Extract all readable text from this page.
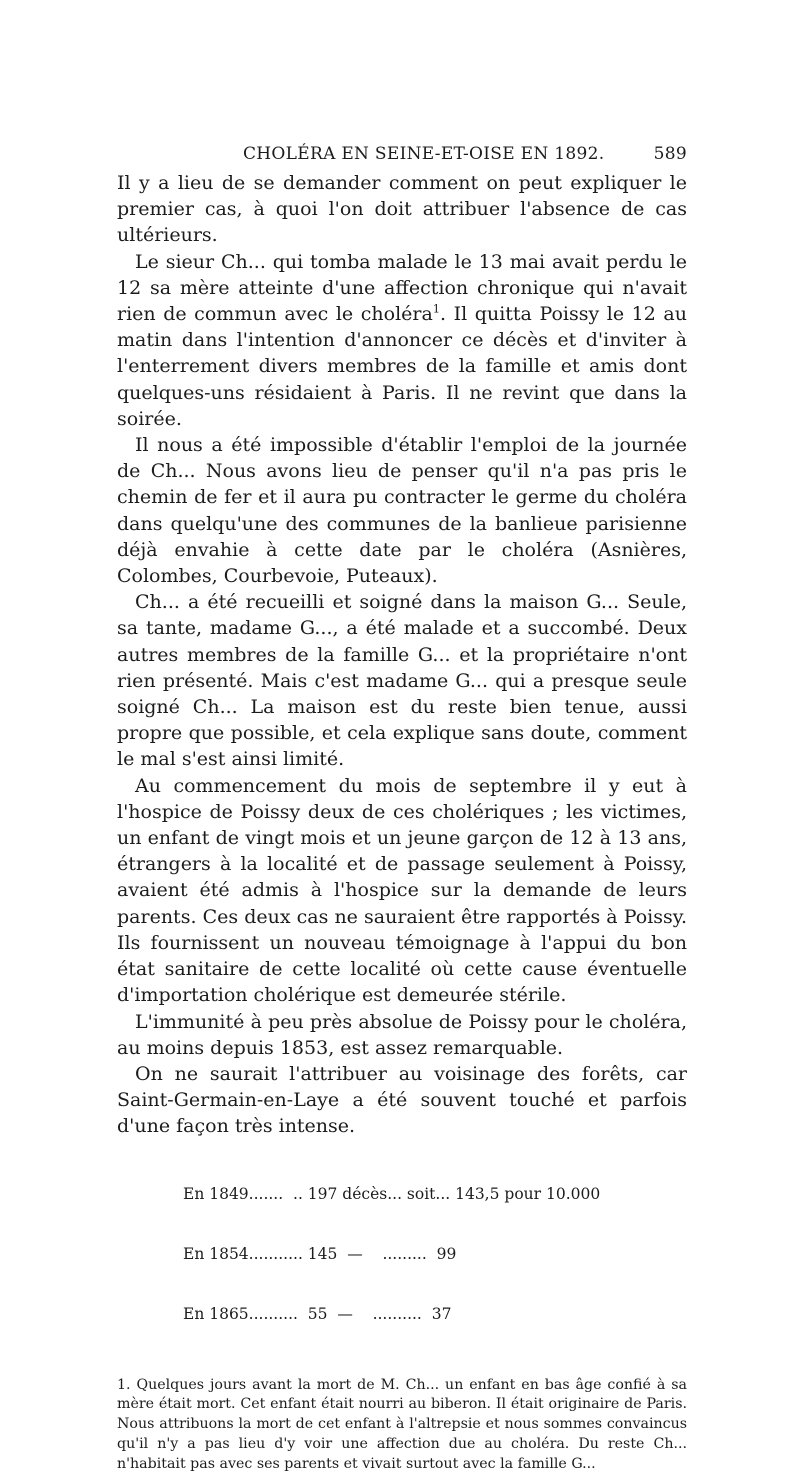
CHOLÉRA EN SEINE-ET-OISE EN 1892.	589

Il y a lieu de se demander comment on peut expliquer le premier cas, à quoi l'on doit attribuer l'absence de cas ultérieurs.

Le sieur Ch... qui tomba malade le 13 mai avait perdu le 12 sa mère atteinte d'une affection chronique qui n'avait rien de commun avec le choléra$^1$. Il quitta Poissy le 12 au matin dans l'intention d'annoncer ce décès et d'inviter à l'enterrement divers membres de la famille et amis dont quelques-uns résidaient à Paris. Il ne revint que dans la soirée.

Il nous a été impossible d'établir l'emploi de la journée de Ch... Nous avons lieu de penser qu'il n'a pas pris le chemin de fer et il aura pu contracter le germe du choléra dans quelqu'une des communes de la banlieue parisienne déjà envahie à cette date par le choléra (Asnières, Colombes, Courbevoie, Puteaux).

Ch... a été recueilli et soigné dans la maison G... Seule, sa tante, madame G..., a été malade et a succombé. Deux autres membres de la famille G... et la propriétaire n'ont rien présenté. Mais c'est madame G... qui a presque seule soigné Ch... La maison est du reste bien tenue, aussi propre que possible, et cela explique sans doute, comment le mal s'est ainsi limité.

Au commencement du mois de septembre il y eut à l'hospice de Poissy deux de ces cholériques ; les victimes, un enfant de vingt mois et un jeune garçon de 12 à 13 ans, étrangers à la localité et de passage seulement à Poissy, avaient été admis à l'hospice sur la demande de leurs parents. Ces deux cas ne sauraient être rapportés à Poissy. Ils fournissent un nouveau témoignage à l'appui du bon état sanitaire de cette localité où cette cause éventuelle d'importation cholérique est demeurée stérile.

L'immunité à peu près absolue de Poissy pour le choléra, au moins depuis 1853, est assez remarquable.

On ne saurait l'attribuer au voisinage des forêts, car Saint-Germain-en-Laye a été souvent touché et parfois d'une façon très intense.

En 1849.......  .. 197 décès... soit... 143,5 pour 10.000

En 1854........... 145  —    .........  99

En 1865..........  55  —    ..........  37

1. Quelques jours avant la mort de M. Ch... un enfant en bas âge confié à sa mère était mort. Cet enfant était nourri au biberon. Il était originaire de Paris. Nous attribuons la mort de cet enfant à l'altrepsie et nous sommes convaincus qu'il n'y a pas lieu d'y voir une affection due au choléra. Du reste Ch... n'habitait pas avec ses parents et vivait surtout avec la famille G...
